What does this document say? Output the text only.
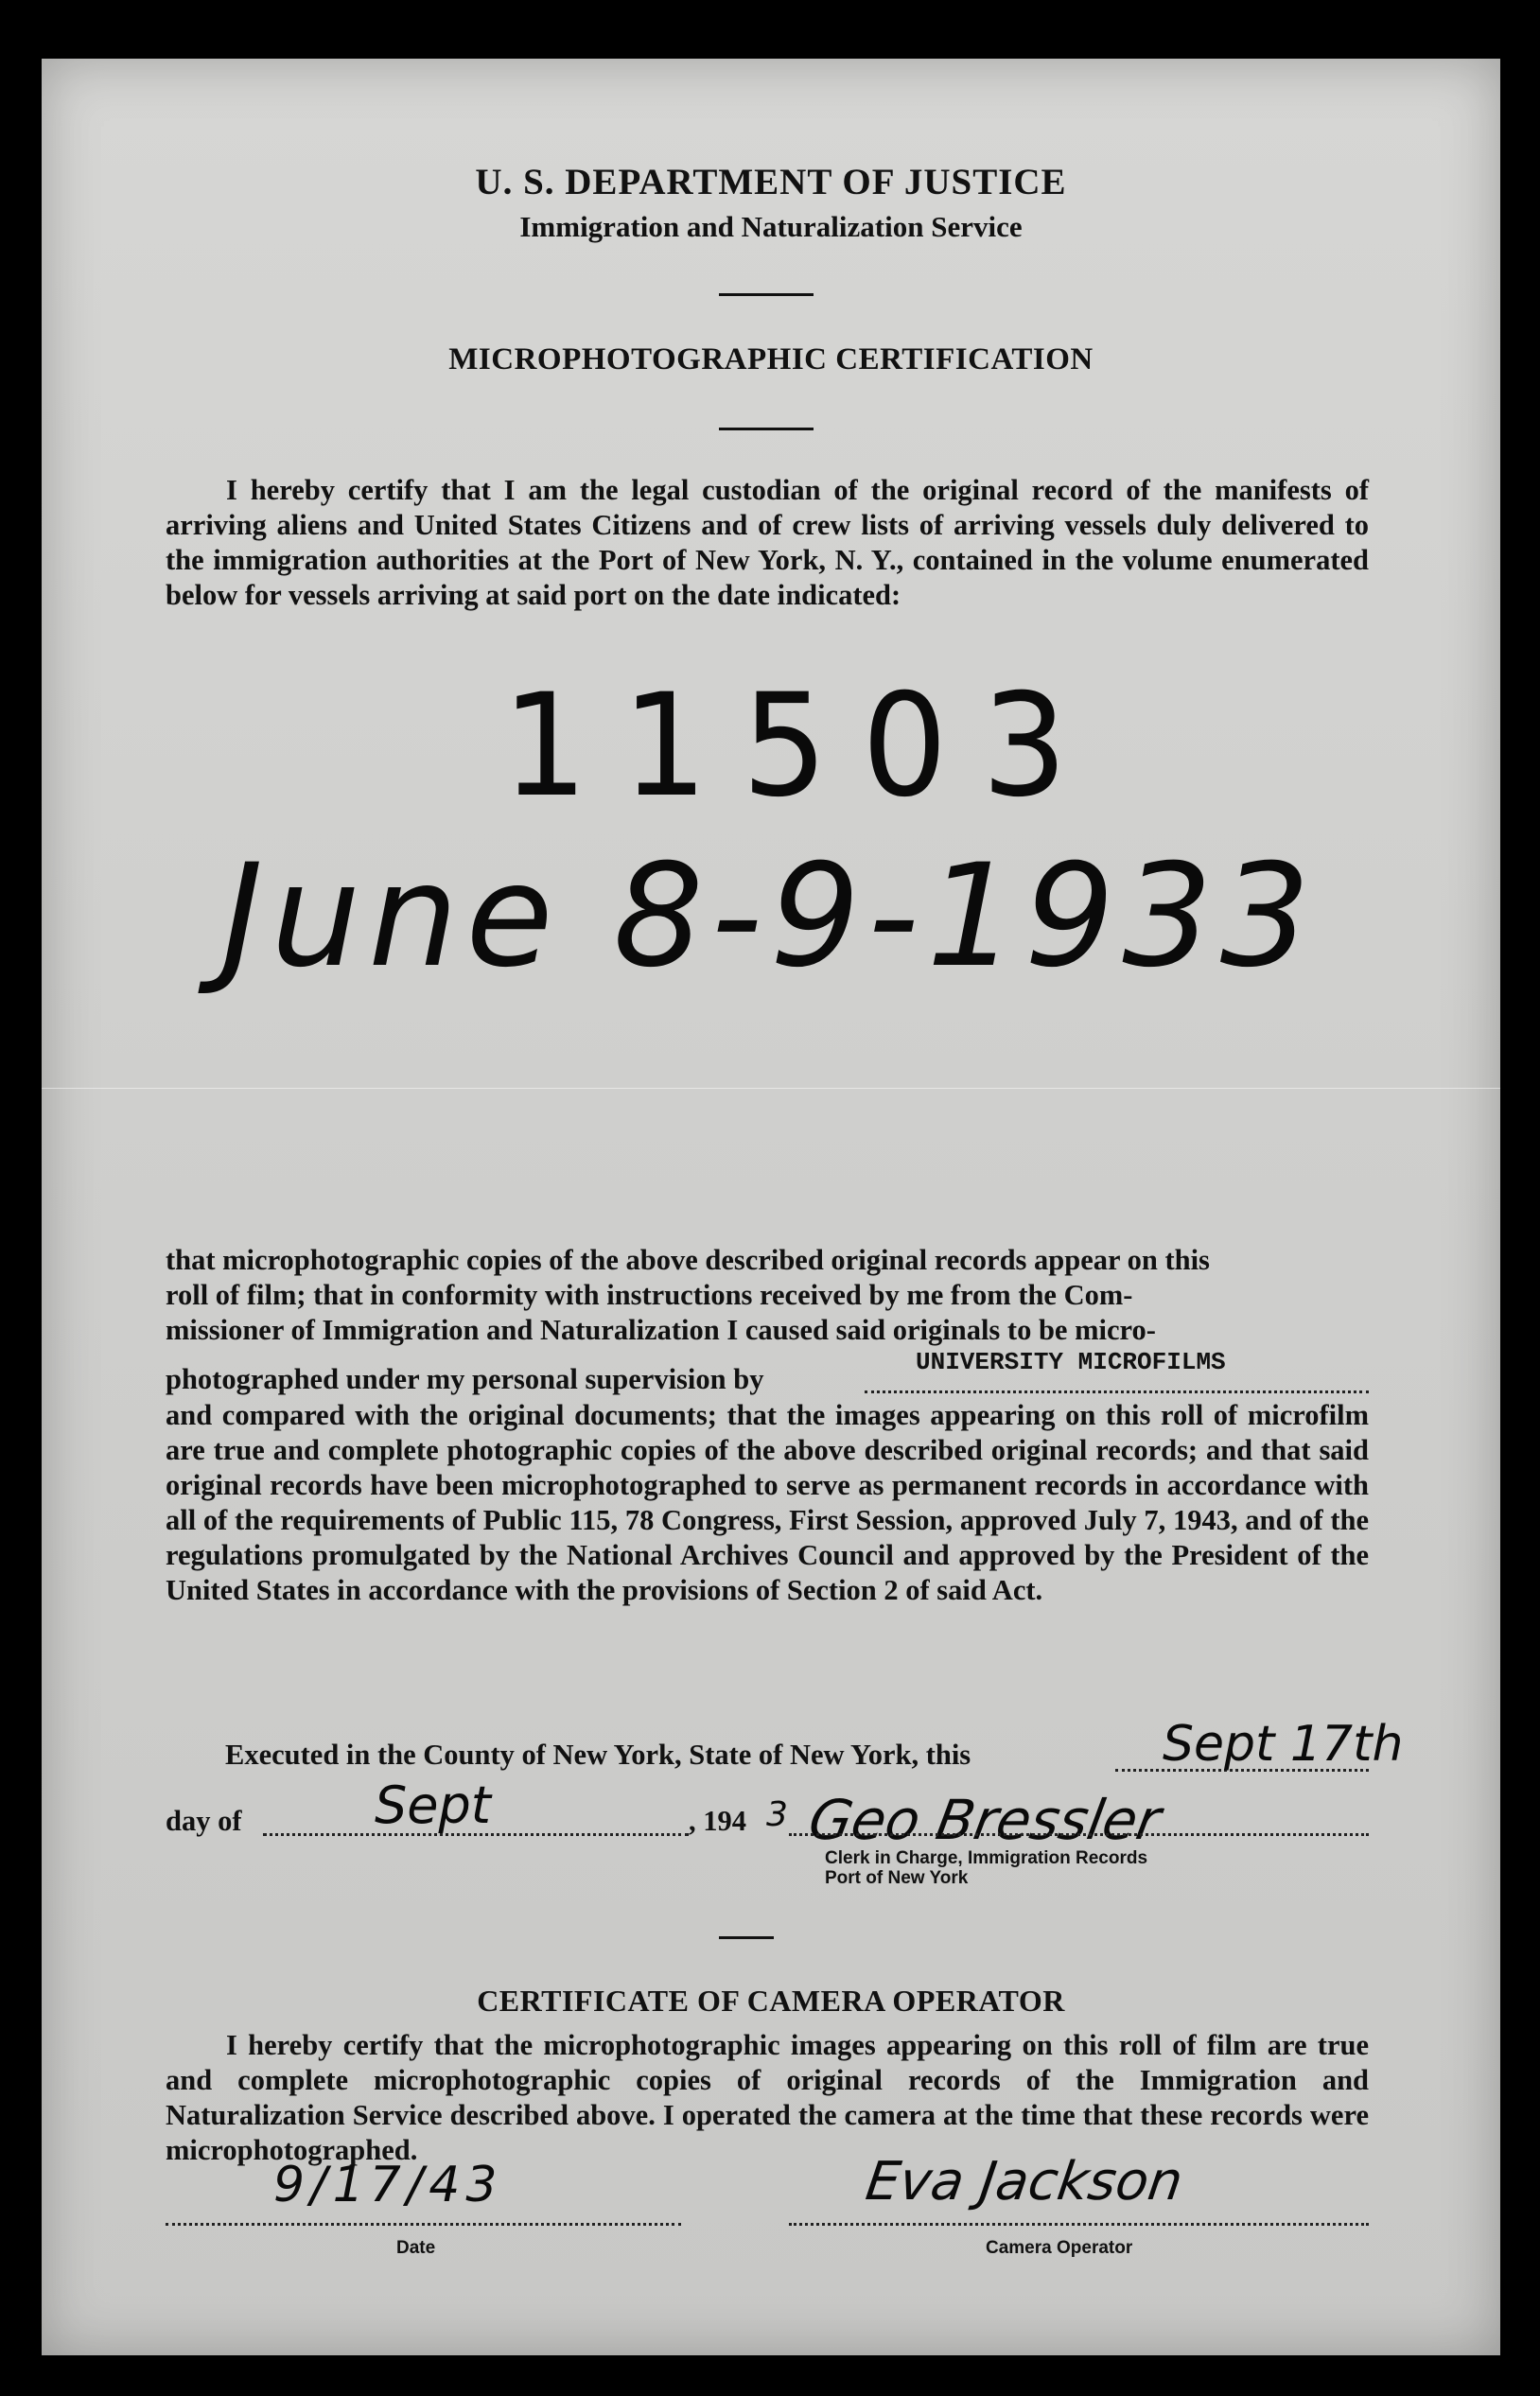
U. S. DEPARTMENT OF JUSTICE
Immigration and Naturalization Service
MICROPHOTOGRAPHIC CERTIFICATION
I hereby certify that I am the legal custodian of the original record of the manifests of arriving aliens and United States Citizens and of crew lists of arriving vessels duly delivered to the immigration authorities at the Port of New York, N. Y., contained in the volume enumerated below for vessels arriving at said port on the date indicated:
11503
June 8-9-1933
that microphotographic copies of the above described original records appear on this
roll of film; that in conformity with instructions received by me from the Com-
missioner of Immigration and Naturalization I caused said originals to be micro-
photographed under my personal supervision by
UNIVERSITY MICROFILMS
and compared with the original documents; that the images appearing on this roll of microfilm are true and complete photographic copies of the above described original records; and that said original records have been microphotographed to serve as permanent records in accordance with all of the requirements of Public 115, 78 Congress, First Session, approved July 7, 1943, and of the regulations promulgated by the National Archives Council and approved by the President of the United States in accordance with the provisions of Section 2 of said Act.
Executed in the County of New York, State of New York, this	Sept 17th
day of	Sept	, 194 3 Geo Bressler
Clerk in Charge, Immigration Records
Port of New York
CERTIFICATE OF CAMERA OPERATOR
I hereby certify that the microphotographic images appearing on this roll of film are true and complete microphotographic copies of original records of the Immigration and Naturalization Service described above. I operated the camera at the time that these records were microphotographed.
9/17/43
Date
Eva Jackson
Camera Operator
